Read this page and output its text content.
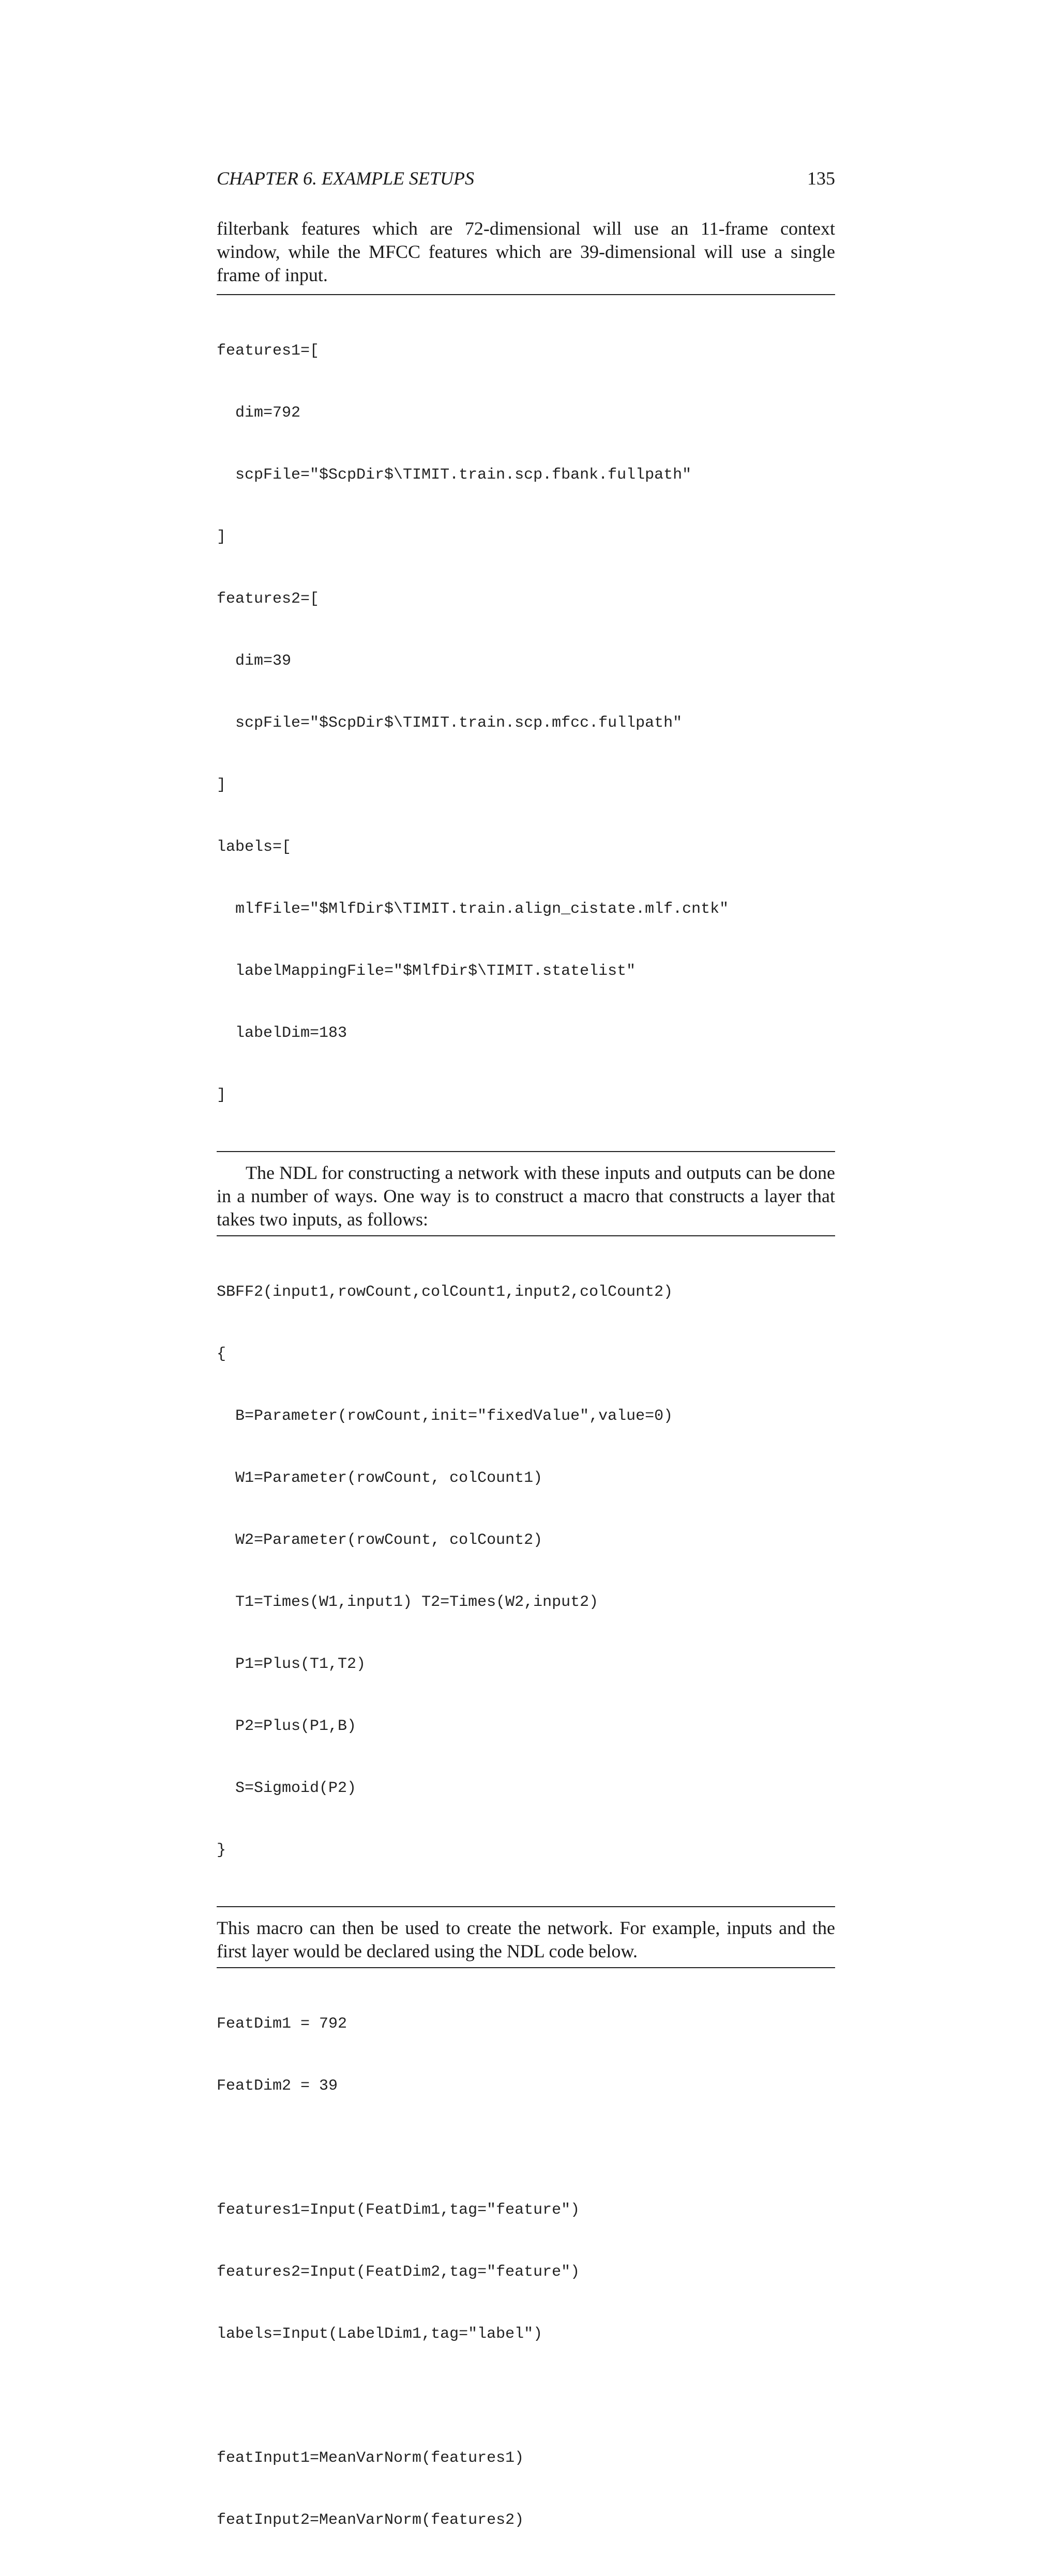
CHAPTER 6. EXAMPLE SETUPS	135

filterbank features which are 72-dimensional will use an 11-frame context window, while the MFCC features which are 39-dimensional will use a single frame of input.

features1=[

dim=792

scpFile="$ScpDir$\TIMIT.train.scp.fbank.fullpath"

]

features2=[

dim=39

scpFile="$ScpDir$\TIMIT.train.scp.mfcc.fullpath"

]

labels=[

mlfFile="$MlfDir$\TIMIT.train.align_cistate.mlf.cntk"

labelMappingFile="$MlfDir$\TIMIT.statelist"

labelDim=183

]

The NDL for constructing a network with these inputs and outputs can be done in a number of ways. One way is to construct a macro that constructs a layer that takes two inputs, as follows:

SBFF2(input1,rowCount,colCount1,input2,colCount2)

{

B=Parameter(rowCount,init="fixedValue",value=0)

W1=Parameter(rowCount, colCount1)

W2=Parameter(rowCount, colCount2)

T1=Times(W1,input1) T2=Times(W2,input2)

P1=Plus(T1,T2)

P2=Plus(P1,B)

S=Sigmoid(P2)

}

This macro can then be used to create the network. For example, inputs and the first layer would be declared using the NDL code below.

FeatDim1 = 792

FeatDim2 = 39

features1=Input(FeatDim1,tag="feature")

features2=Input(FeatDim2,tag="feature")

labels=Input(LabelDim1,tag="label")

featInput1=MeanVarNorm(features1)

featInput2=MeanVarNorm(features2)
